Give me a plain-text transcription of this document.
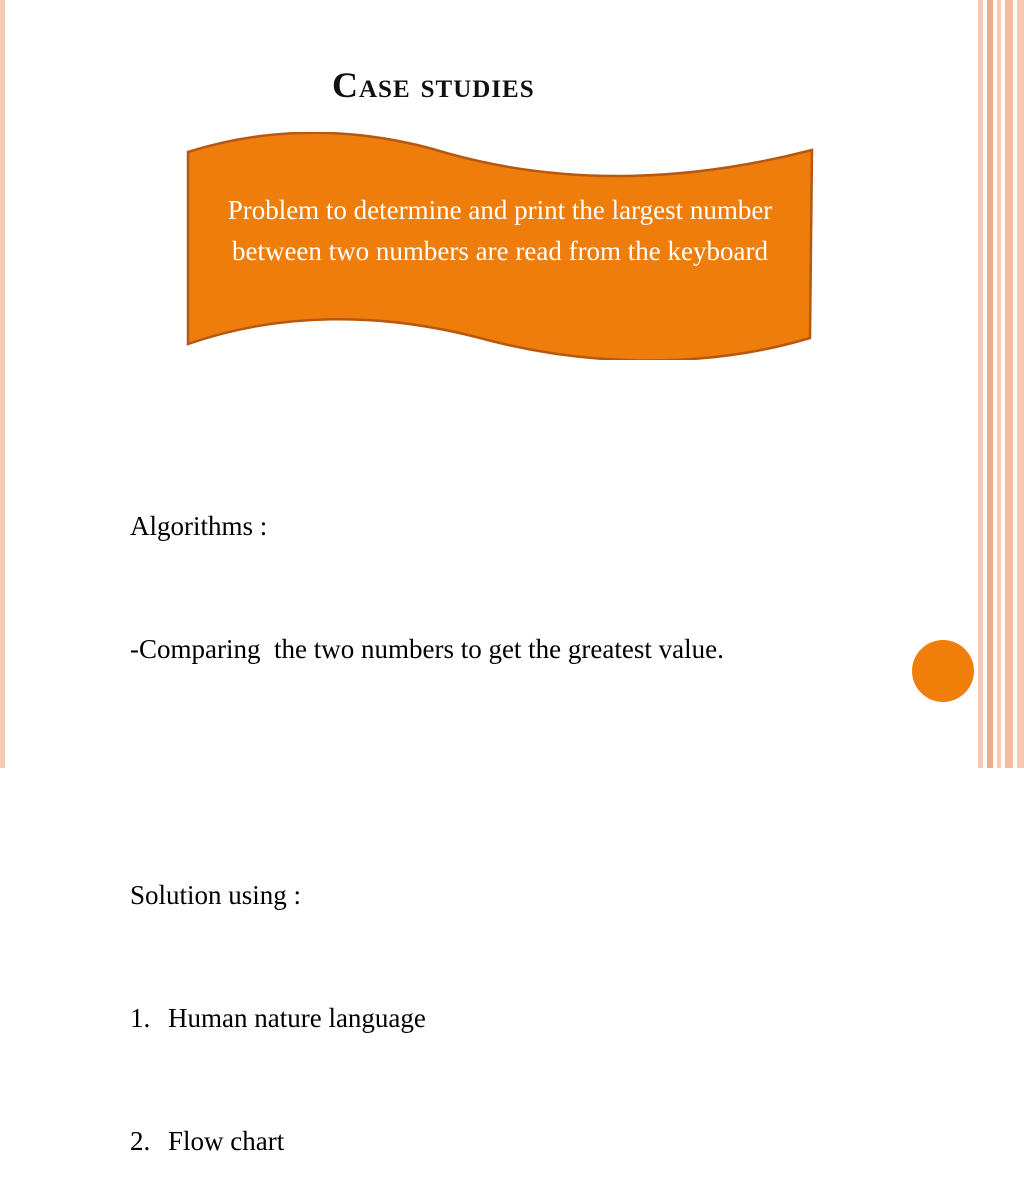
Case studies
Problem to determine and print the largest number between two numbers are read from the keyboard

Algorithms :

-Comparing  the two numbers to get the greatest value.

Solution using :

1. Human nature language

2. Flow chart
